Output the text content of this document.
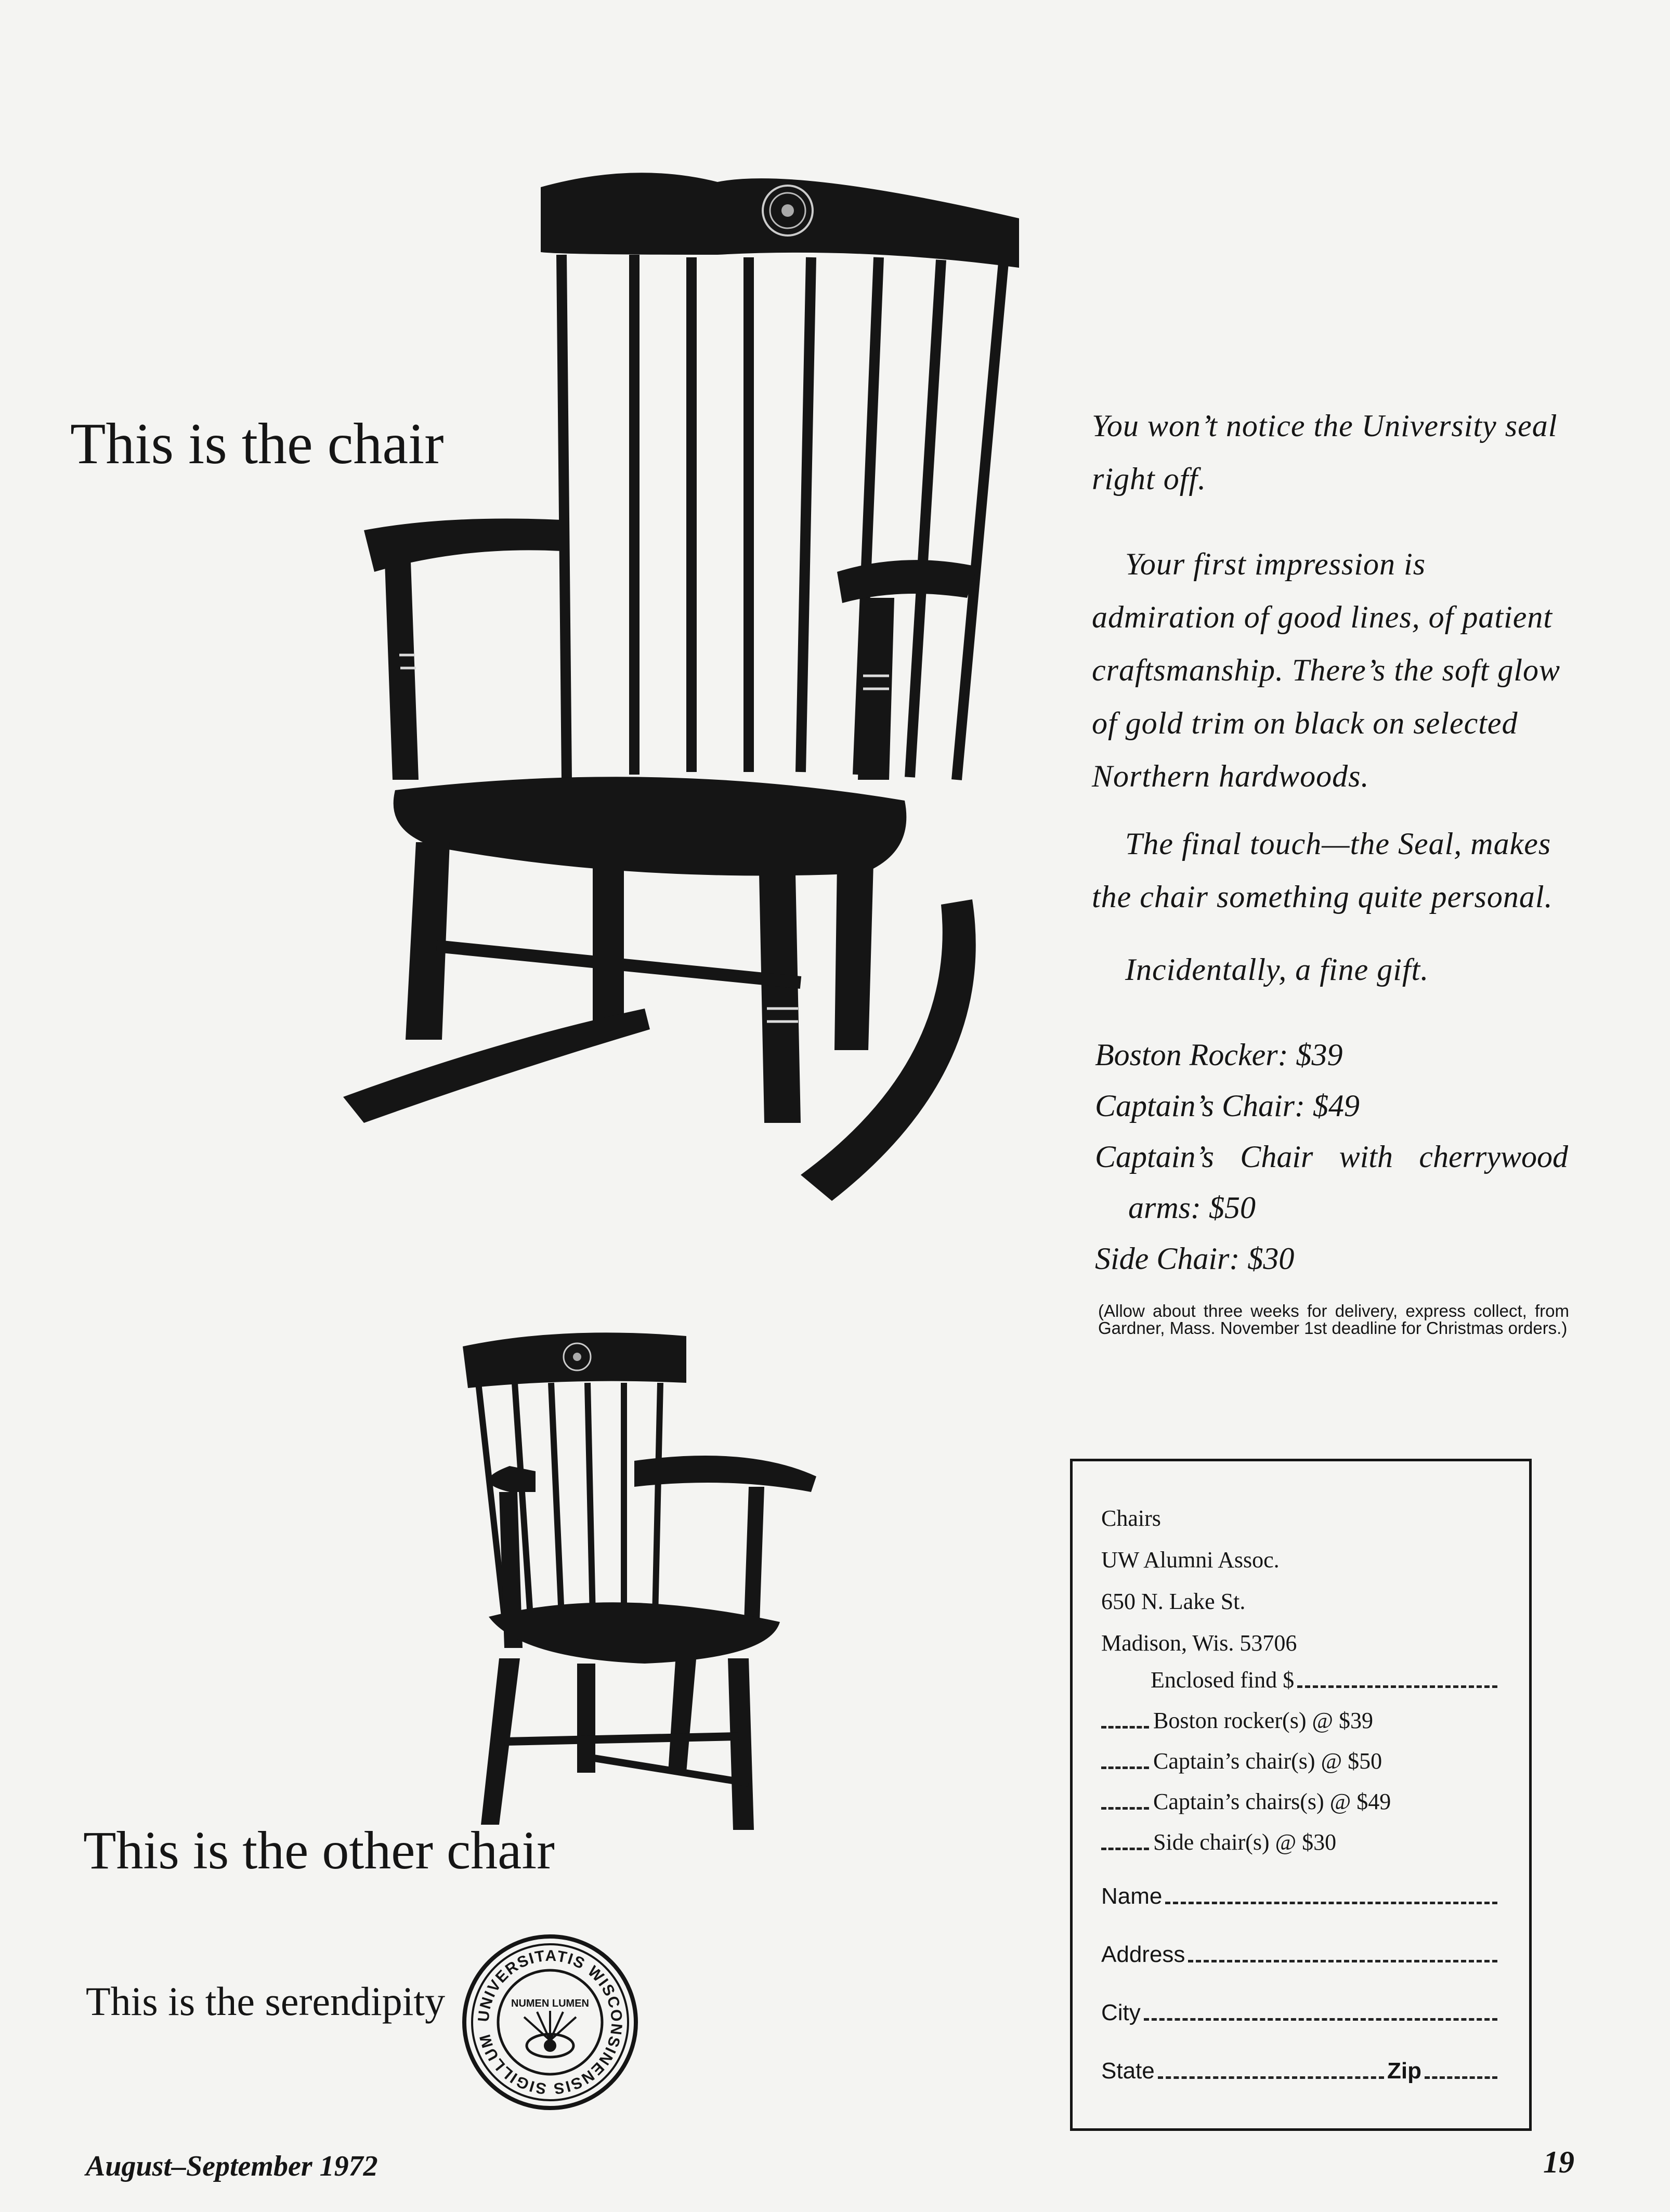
This is the chair
This is the other chair
This is the serendipity UNIVERSITATIS WISCONSINENSIS SIGILLUM
NUMEN LUMEN

You won’t notice the University seal right off.

Your first impression is admiration of good lines, of patient craftsmanship. There’s the soft glow of gold trim on black on selected Northern hardwoods.

The final touch—the Seal, makes the chair something quite personal.

Incidentally, a fine gift.

Boston Rocker: $39
Captain’s Chair: $49
Captain’s Chair with cherrywood
arms: $50
Side Chair: $30
(Allow about three weeks for delivery, express collect, from Gardner, Mass. November 1st deadline for Christmas orders.)
Chairs
UW Alumni Assoc.
650 N. Lake St.
Madison, Wis. 53706
Enclosed find $
Boston rocker(s) @ $39
Captain’s chair(s) @ $50
Captain’s chairs(s) @ $49
Side chair(s) @ $30
Name
Address
City
State	Zip
August–September 1972	19
